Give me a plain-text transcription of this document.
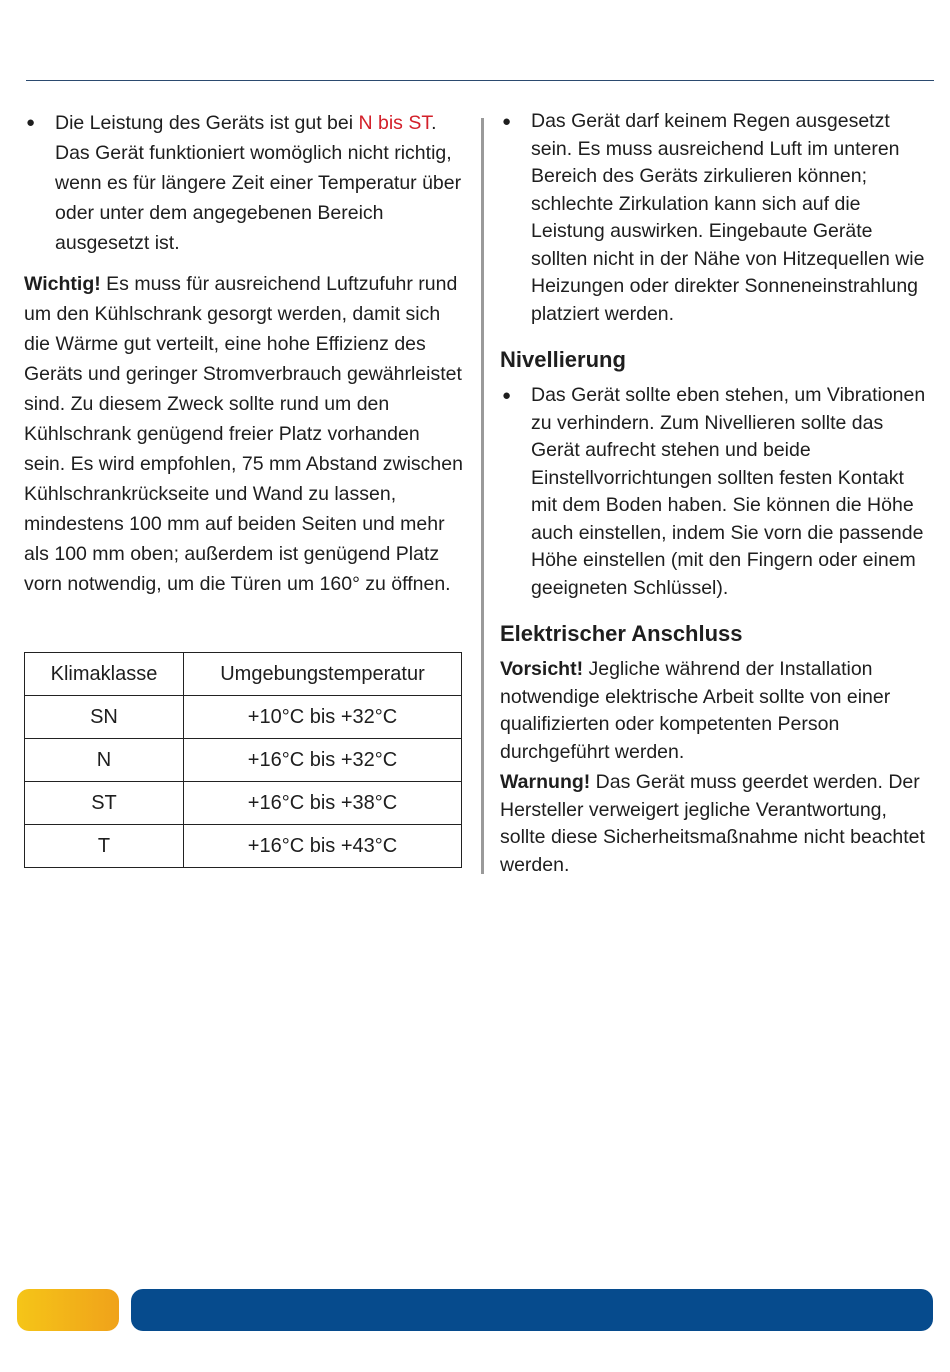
● Die Leistung des Geräts ist gut bei N bis ST. Das Gerät funktioniert womöglich nicht richtig, wenn es für längere Zeit einer Temperatur über oder unter dem angegebenen Bereich ausgesetzt ist.

Wichtig! Es muss für ausreichend Luftzufuhr rund um den Kühlschrank gesorgt werden, damit sich die Wärme gut verteilt, eine hohe Effizienz des Geräts und geringer Stromverbrauch gewährleistet sind. Zu diesem Zweck sollte rund um den Kühlschrank genügend freier Platz vorhanden sein. Es wird empfohlen, 75 mm Abstand zwischen Kühlschrankrückseite und Wand zu lassen, mindestens 100 mm auf beiden Seiten und mehr als 100 mm oben; außerdem ist genügend Platz vorn notwendig, um die Türen um 160° zu öffnen.

Klimaklasse	Umgebungstemperatur
SN	+10°C bis +32°C
N	+16°C bis +32°C
ST	+16°C bis +38°C
T	+16°C bis +43°C

● Das Gerät darf keinem Regen ausgesetzt sein. Es muss ausreichend Luft im unteren Bereich des Geräts zirkulieren können; schlechte Zirkulation kann sich auf die Leistung auswirken. Eingebaute Geräte sollten nicht in der Nähe von Hitzequellen wie Heizungen oder direkter Sonneneinstrahlung platziert werden.

Nivellierung

● Das Gerät sollte eben stehen, um Vibrationen zu verhindern. Zum Nivellieren sollte das Gerät aufrecht stehen und beide Einstellvorrichtungen sollten festen Kontakt mit dem Boden haben. Sie können die Höhe auch einstellen, indem Sie vorn die passende Höhe einstellen (mit den Fingern oder einem geeigneten Schlüssel).

Elektrischer Anschluss

Vorsicht! Jegliche während der Installation notwendige elektrische Arbeit sollte von einer qualifizierten oder kompetenten Person durchgeführt werden.

Warnung! Das Gerät muss geerdet werden. Der Hersteller verweigert jegliche Verantwortung, sollte diese Sicherheitsmaßnahme nicht beachtet werden.
